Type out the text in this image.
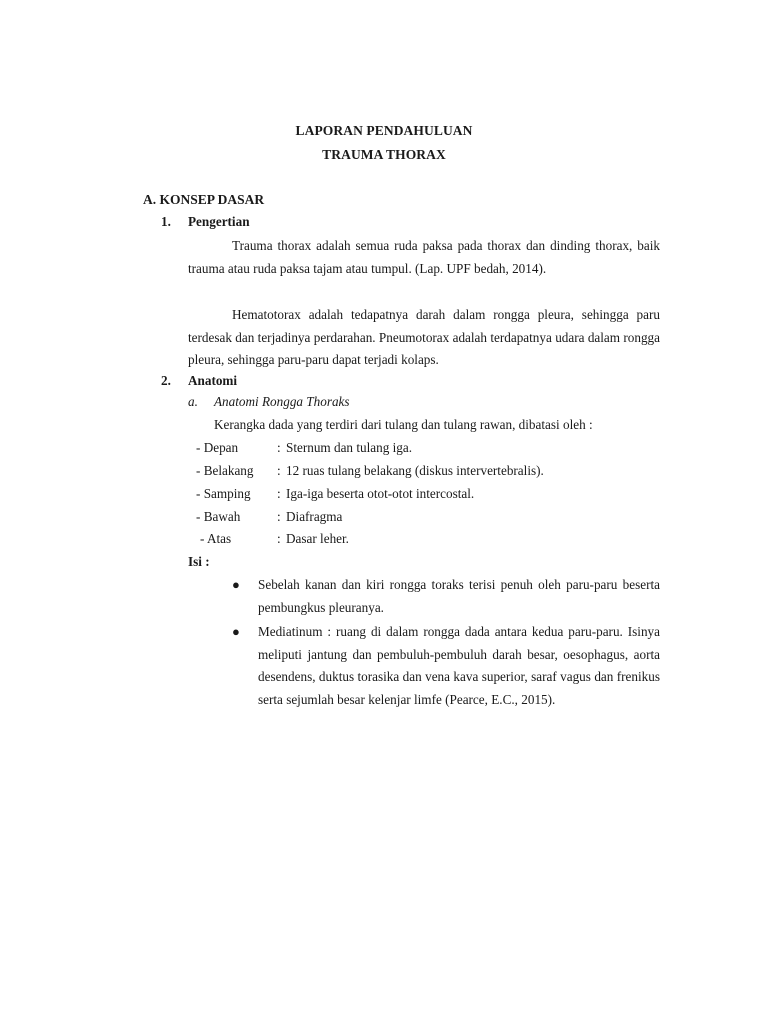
LAPORAN PENDAHULUAN
TRAUMA THORAX
A. KONSEP DASAR
1. Pengertian
Trauma thorax adalah semua ruda paksa pada thorax dan dinding thorax, baik trauma atau ruda paksa tajam atau tumpul. (Lap. UPF bedah, 2014).
Hematotorax adalah tedapatnya darah dalam rongga pleura, sehingga paru terdesak dan terjadinya perdarahan. Pneumotorax adalah terdapatnya udara dalam rongga pleura, sehingga paru-paru dapat terjadi kolaps.
2. Anatomi
a. Anatomi Rongga Thoraks
Kerangka dada yang terdiri dari tulang dan tulang rawan, dibatasi oleh :
- Depan	: Sternum dan tulang iga.
- Belakang : 12 ruas tulang belakang (diskus intervertebralis).
- Samping : Iga-iga beserta otot-otot intercostal.
- Bawah	: Diafragma
- Atas	: Dasar leher.
Isi :
● Sebelah kanan dan kiri rongga toraks terisi penuh oleh paru-paru beserta pembungkus pleuranya.
● Mediatinum : ruang di dalam rongga dada antara kedua paru-paru. Isinya meliputi jantung dan pembuluh-pembuluh darah besar, oesophagus, aorta desendens, duktus torasika dan vena kava superior, saraf vagus dan frenikus serta sejumlah besar kelenjar limfe (Pearce, E.C., 2015).
